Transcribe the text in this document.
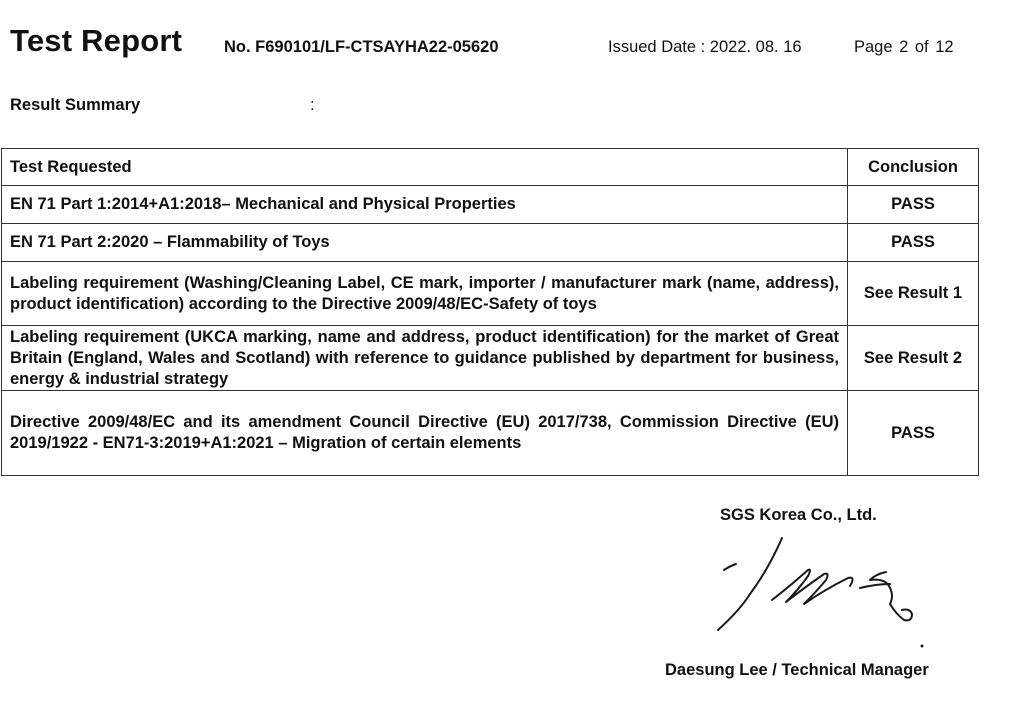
Test Report	No. F690101/LF-CTSAYHA22-05620	Issued Date : 2022. 08. 16	Page 2 of 12
Result Summary	:
Test Requested	Conclusion
EN 71 Part 1:2014+A1:2018– Mechanical and Physical Properties	PASS
EN 71 Part 2:2020 – Flammability of Toys	PASS
Labeling requirement (Washing/Cleaning Label, CE mark, importer / manufacturer mark (name, address), product identification) according to the Directive 2009/48/EC-Safety of toys	See Result 1
Labeling requirement (UKCA marking, name and address, product identification) for the market of Great Britain (England, Wales and Scotland) with reference to guidance published by department for business, energy & industrial strategy	See Result 2
Directive 2009/48/EC and its amendment Council Directive (EU) 2017/738, Commission Directive (EU) 2019/1922 - EN71-3:2019+A1:2021 – Migration of certain elements	PASS
SGS Korea Co., Ltd.
Daesung Lee / Technical Manager
